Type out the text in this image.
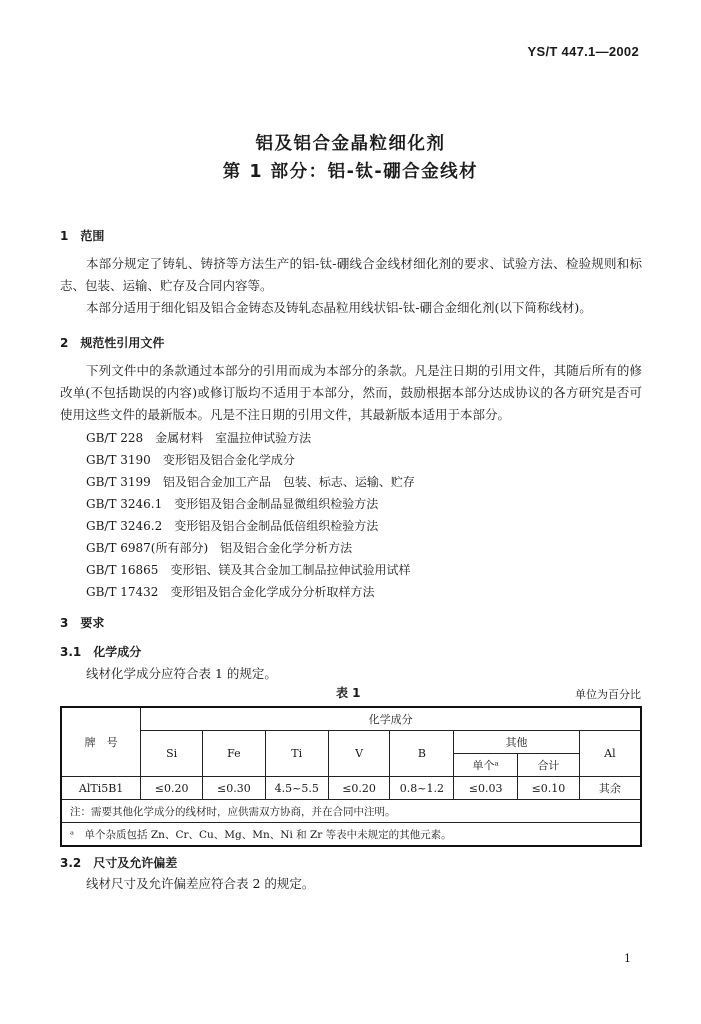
YS/T 447.1—2002
铝及铝合金晶粒细化剂
第 1 部分：铝-钛-硼合金线材
1　范围
本部分规定了铸轧、铸挤等方法生产的铝-钛-硼线合金线材细化剂的要求、试验方法、检验规则和标志、包装、运输、贮存及合同内容等。
本部分适用于细化铝及铝合金铸态及铸轧态晶粒用线状铝-钛-硼合金细化剂(以下简称线材)。
2　规范性引用文件
下列文件中的条款通过本部分的引用而成为本部分的条款。凡是注日期的引用文件，其随后所有的修改单(不包括勘误的内容)或修订版均不适用于本部分，然而，鼓励根据本部分达成协议的各方研究是否可使用这些文件的最新版本。凡是不注日期的引用文件，其最新版本适用于本部分。
GB/T 228 金属材料　室温拉伸试验方法
GB/T 3190 变形铝及铝合金化学成分
GB/T 3199 铝及铝合金加工产品　包装、标志、运输、贮存
GB/T 3246.1 变形铝及铝合金制品显微组织检验方法
GB/T 3246.2 变形铝及铝合金制品低倍组织检验方法
GB/T 6987(所有部分) 铝及铝合金化学分析方法
GB/T 16865 变形铝、镁及其合金加工制品拉伸试验用试样
GB/T 17432 变形铝及铝合金化学成分分析取样方法
3　要求
3.1　化学成分
线材化学成分应符合表 1 的规定。
表 1	单位为百分比
牌　号	化学成分							
	Si	Fe	Ti	V	B	其他		Al
						单个ᵃ	合计	
AlTi5B1	≤0.20	≤0.30	4.5~5.5	≤0.20	0.8~1.2	≤0.03	≤0.10	其余
注：需要其他化学成分的线材时，应供需双方协商，并在合同中注明。								
ᵃ　单个杂质包括 Zn、Cr、Cu、Mg、Mn、Ni 和 Zr 等表中未规定的其他元素。								
3.2　尺寸及允许偏差
线材尺寸及允许偏差应符合表 2 的规定。
1
